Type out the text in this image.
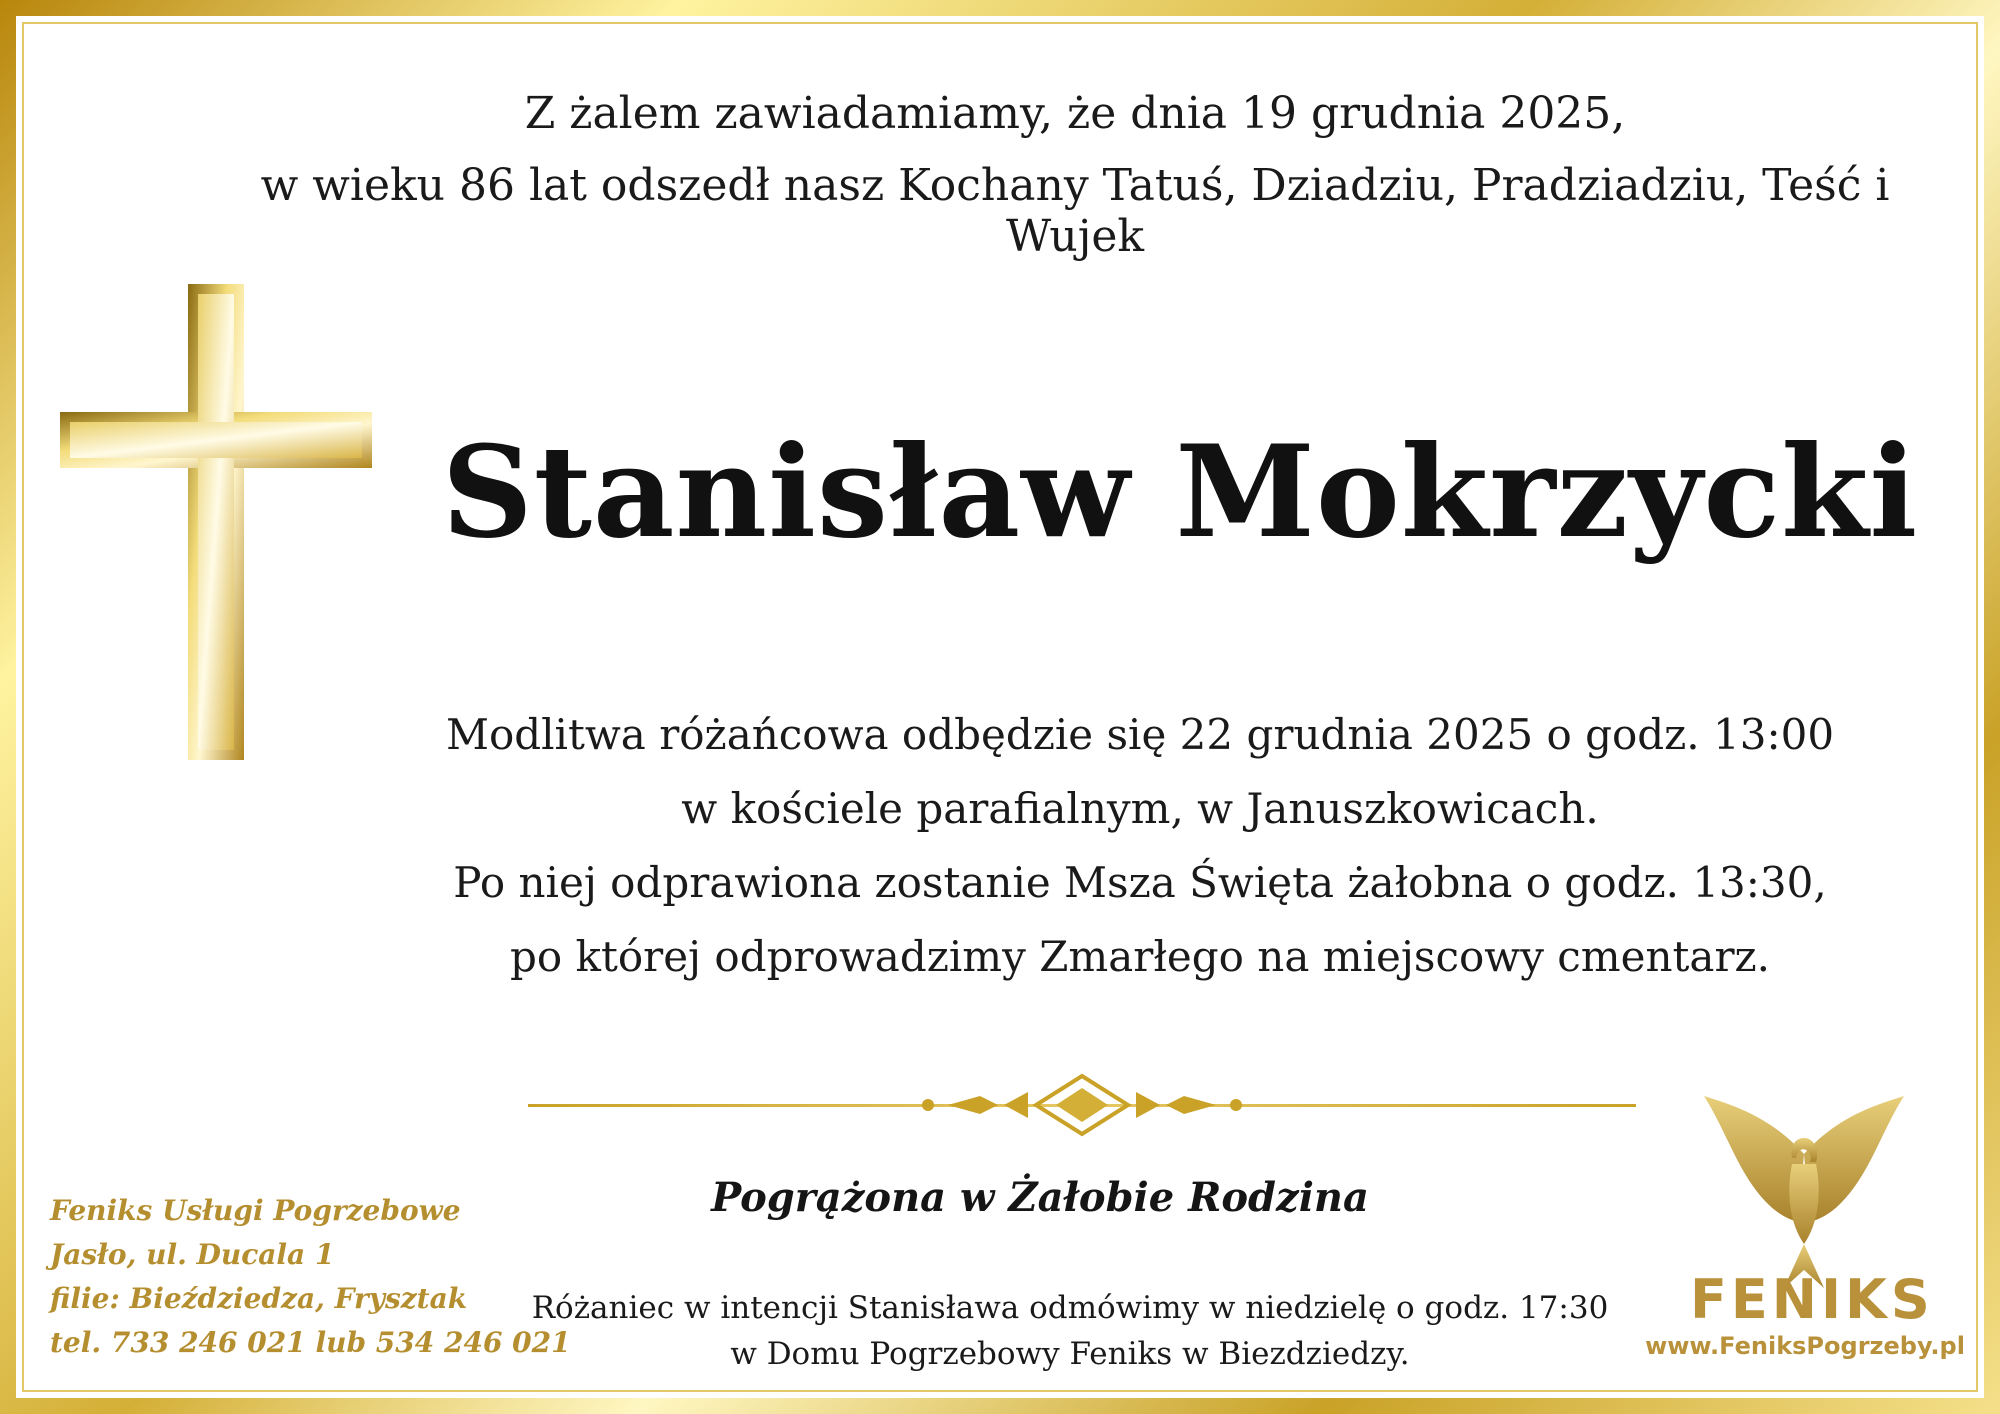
Z żalem zawiadamiamy, że dnia 19 grudnia 2025,
w wieku 86 lat odszedł nasz Kochany Tatuś, Dziadziu, Pradziadziu, Teść i Wujek
Stanisław Mokrzycki
Modlitwa różańcowa odbędzie się 22 grudnia 2025 o godz. 13:00
w kościele parafialnym, w Januszkowicach.
Po niej odprawiona zostanie Msza Święta żałobna o godz. 13:30,
po której odprowadzimy Zmarłego na miejscowy cmentarz.
Pogrążona w Żałobie Rodzina
Różaniec w intencji Stanisława odmówimy w niedzielę o godz. 17:30
w Domu Pogrzebowy Feniks w Biezdziedzy.
Feniks Usługi Pogrzebowe
Jasło, ul. Ducala 1
filie: Bieździedza, Frysztak
tel. 733 246 021 lub 534 246 021
FENIKS
www.FeniksPogrzeby.pl
